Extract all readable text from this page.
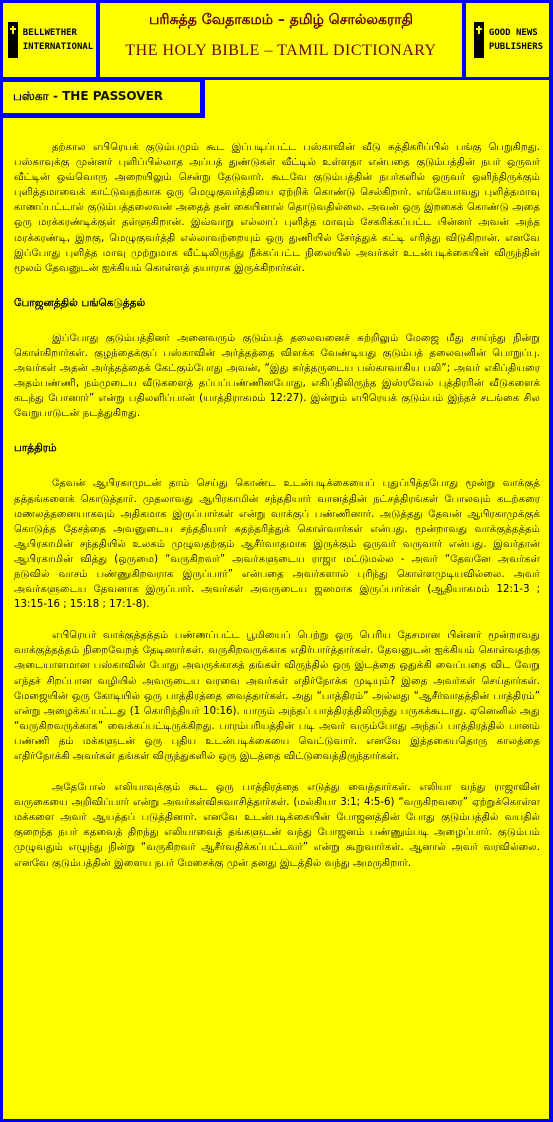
BELLWETHER
INTERNATIONAL
பரிசுத்த வேதாகமம் – தமிழ் சொல்லகராதி
THE HOLY BIBLE – TAMIL DICTIONARY
GOOD NEWS
PUBLISHERS
பஸ்கா - THE PASSOVER

தற்கால எபிரெயக் குடும்பமும் கூட இப்படிப்பட்ட பஸ்காவின் வீடு சுத்திகரிப்பில் பங்கு பெறுகிறது. பஸ்காவுக்கு முன்னர் புளிப்பில்லாத அப்பத் துண்டுகள் வீட்டில் உள்ளதா என்பதை குடும்பத்தின் நபர் ஒருவர் வீட்டின் ஒவ்வொரு அறையிலும் சென்று தேடுவார். கூடவே குடும்பத்தின் நபர்களில் ஒருவர் ஒளிந்திருக்கும் புளித்தமாவைக் காட்டுவதற்காக ஒரு மெழுகுவர்த்தியை ஏற்றிக் கொண்டு செல்கிறார். எங்கேயாவது புளித்தமாவு காணப்பட்டால் குடும்பத்தலைவன் அதைத் தன் கையினால் தொடுவதில்லை. அவன் ஒரு இறகைக் கொண்டு அதை ஒரு மரக்கரண்டிக்குள் தள்ளுகிறான். இவ்வாறு எல்லாப் புளித்த மாவும் சேகரிக்கப்பட்ட பின்னர் அவன் அந்த மரக்கரண்டி, இறகு, மெழுகுவர்த்தி எல்லாவற்றையும் ஒரு துணியில் சேர்த்துக் கட்டி எரித்து விடுகிறான். எனவே இப்போது புளித்த மாவு முற்றுமாக வீட்டிலிருந்து நீக்கப்பட்ட நிலையில் அவர்கள் உடன்படிக்கையின் விருந்தின் மூலம் தேவனுடன் ஐக்கியம் கொள்ளத் தயாராக இருக்கிறார்கள்.

போஜனத்தில் பங்கெடுத்தல்

இப்போது குடும்பத்தினர் அனைவரும் குடும்பத் தலைவனைச் சுற்றிலும் மேஜை மீது சாய்ந்து நின்று கொள்கிறார்கள். குழந்தைக்குப் பஸ்காவின் அர்த்தத்தை விளக்க வேண்டியது குடும்பத் தலைவனின் பொறுப்பு. அவர்கள் அதன் அர்த்தத்தைக் கேட்கும்போது அவன், “இது கர்த்தருடைய பஸ்காவாகிய பலி”; அவர் எகிப்தியரை அதம்பண்ணி, நம்முடைய வீடுகளைத் தப்பப்பண்ணினபோது, எகிப்திலிருந்த இஸ்ரவேல் புத்திரரின் வீடுகளைக் கடந்து போனார்” என்று பதிலளிப்பான் (யாத்திராகமம் 12:27). இன்றும் எபிரெயக் குடும்பம் இந்தச் சடங்கை சில வேறுபாடுடன் நடத்துகிறது.

பாத்திரம்

தேவன் ஆபிரகாமுடன் தாம் செய்து கொண்ட உடன்படிக்கையைப் புதுப்பித்தபோது மூன்று வாக்குத் தத்தங்களைக் கொடுத்தார். முதலாவது ஆபிரகாமின் சந்ததியார் வானத்தின் நட்சத்திரங்கள் போலவும் கடற்கரை மணலத்தனையாகவும் அதிகமாக இருப்பார்கள் என்று வாக்குப் பண்ணினார். அடுத்தது தேவன் ஆபிரகாமுக்குக் கொடுத்த தேசத்தை அவனுடைய சந்ததியார் சுதந்தரித்துக் கொள்வார்கள் என்பது. மூன்றாவது வாக்குத்தத்தம் ஆபிரகாமின் சந்ததியில் உலகம் முழுவதற்கும் ஆசீர்வாதமாக இருக்கும் ஒருவர் வருவார் என்பது. இவர்தான் ஆபிரகாமின் வித்து (ஒருமை) “வருகிறவர்” அவர்களுடைய ராஜா மட்டுமல்ல - அவர் “தேவனே அவர்கள் நடுவில் வாசம் பண்ணுகிறவராக இருப்பார்” என்பதை அவர்களால் புரிந்து கொள்ளமுடியவில்லை. அவர் அவர்களுடைய தேவனாக இருப்பார். அவர்கள் அவருடைய ஜனமாக இருப்பார்கள் (ஆதியாகமம் 12:1-3 ; 13:15-16 ; 15:18 ; 17:1-8).

எபிரெயர் வாக்குத்தத்தம் பண்ணப்பட்ட பூமியைப் பெற்று ஒரு பெரிய தேசமான பின்னர் மூன்றாவது வாக்குத்தத்தம் நிறைவேறத் தேடினார்கள். வருகிறவருக்காக எதிர்பார்த்தார்கள். தேவனுடன் ஐக்கியம் கொள்வதற்கு அடையாளமான பஸ்காவின் போது அவருக்காகத் தங்கள் விருந்தில் ஒரு இடத்தை ஒதுக்கி வைப்பதை விட வேறு எந்தச் சிறப்பான வழியில் அவருடைய வரவை அவர்கள் எதிர்நோக்க முடியும்? இதை அவர்கள் செய்தார்கள். மேஜையின் ஒரு கோடியில் ஒரு பாத்திரத்தை வைத்தார்கள். அது “பாத்திரம்” அல்லது “ஆசீர்வாதத்தின் பாத்திரம்” என்று அழைக்கப்பட்டது (1 கொரிந்தியர் 10:16). யாரும் அந்தப் பாத்திரத்திலிருந்து பருகக்கூடாது. ஏனெனில் அது “வருகிறவருக்காக” வைக்கப்பட்டிருக்கிறது. பாரம்பரியத்தின் படி அவர் வரும்போது அந்தப் பாத்திரத்தில் பானம் பண்ணி தம் மக்களுடன் ஒரு புதிய உடன்படிக்கையை வெட்டுவார். எனவே இத்தகையதொரு காலத்தை எதிர்நோக்கி அவர்கள் தங்கள் விருந்துகளில் ஒரு இடத்தை விட்டுவைத்திருந்தார்கள்.

அதேபோல் எலியாவுக்கும் கூட ஒரு பாத்திரத்தை எடுத்து வைத்தார்கள். எலியா வந்து ராஜாவின் வருகையை அறிவிப்பார் என்று அவர்கள்விசுவாசித்தார்கள். (மல்கியா 3:1; 4:5-6) “வருகிறவரை” ஏற்றுக்கொள்ள மக்களை அவர் ஆயத்தப் படுத்தினார். எனவே உடன்படிக்கையின் போஜனத்தின் போது குடும்பத்தில் வயதில் குறைந்த நபர் கதவைத் திறந்து எலியாவைத் தங்களுடன் வந்து போஜனம் பண்ணும்படி அழைப்பார். குடும்பம் முழுவதும் எழுந்து நின்று “வருகிறவர் ஆசீர்வதிக்கப்பட்டவர்” என்று கூறுவார்கள். ஆனால் அவர் வரவில்லை. எனவே குடும்பத்தின் இளைய நபர் மேசைக்கு முன் தனது இடத்தில் வந்து அமருகிறார்.
